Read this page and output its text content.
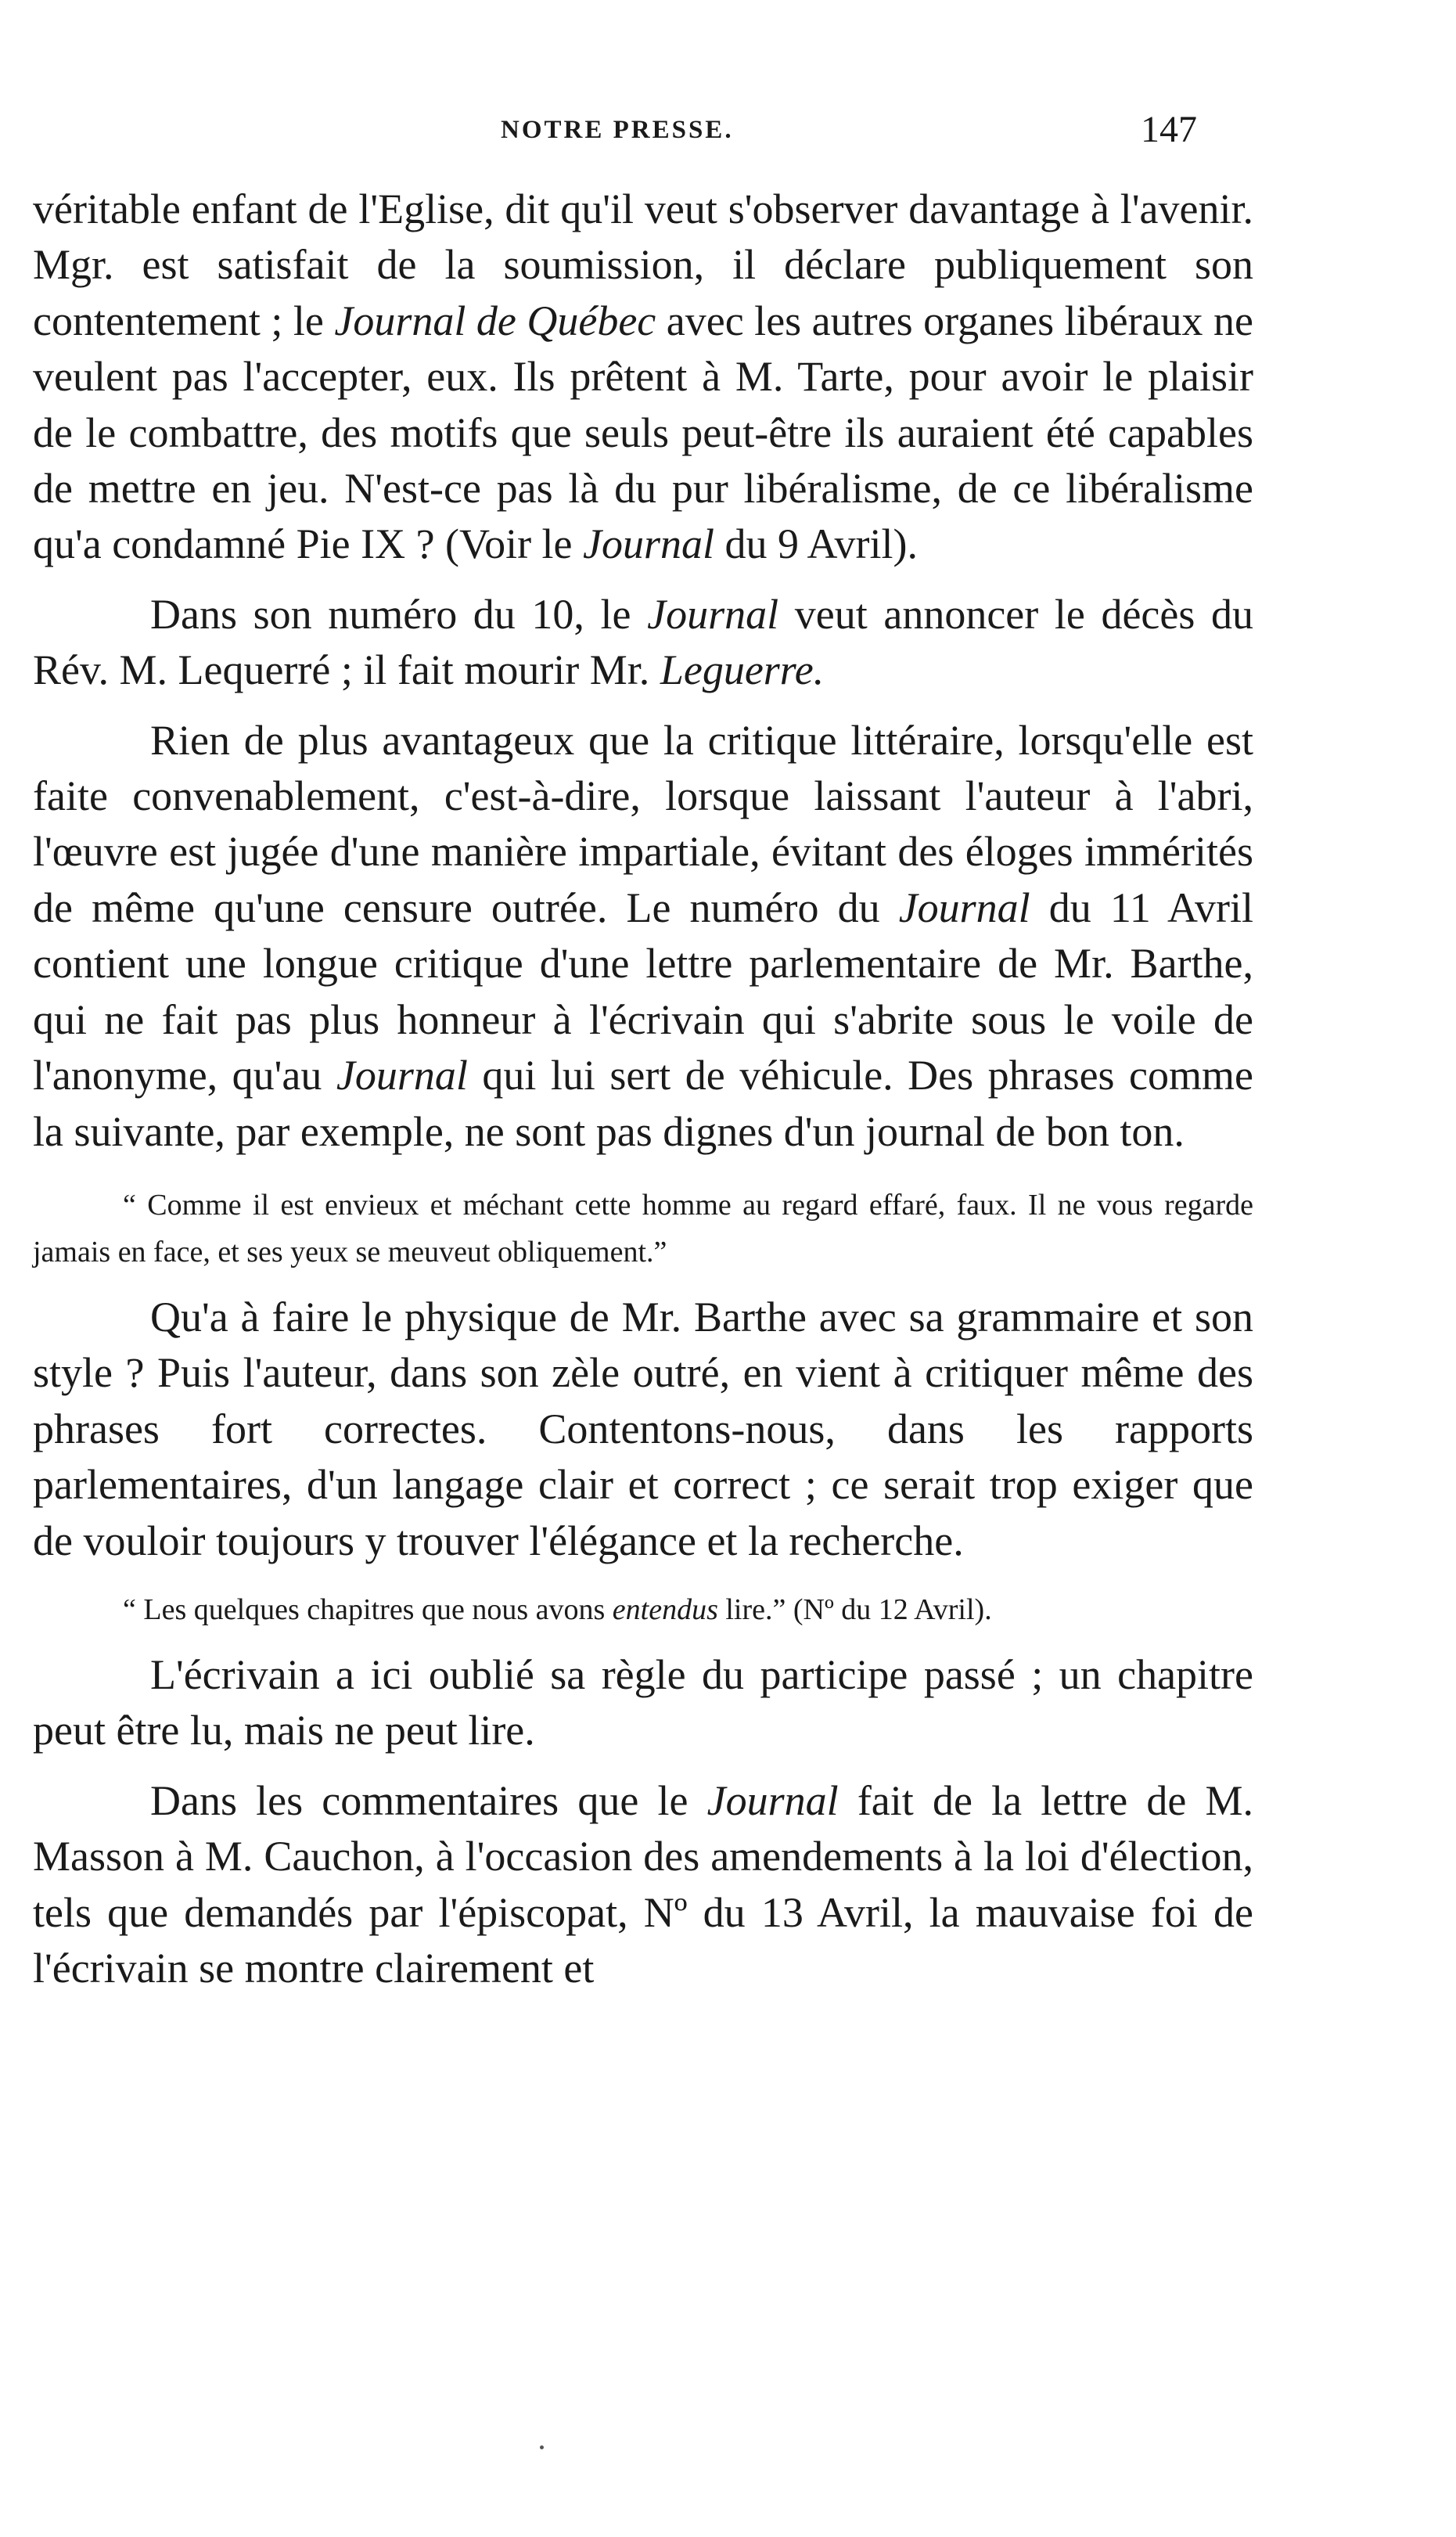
NOTRE PRESSE.	147

véritable enfant de l'Eglise, dit qu'il veut s'observer davantage à l'avenir. Mgr. est satisfait de la soumission, il déclare publiquement son contentement ; le Journal de Québec avec les autres organes libéraux ne veulent pas l'accepter, eux. Ils prêtent à M. Tarte, pour avoir le plaisir de le combattre, des motifs que seuls peut-être ils auraient été capables de mettre en jeu. N'est-ce pas là du pur libéralisme, de ce libéralisme qu'a condamné Pie IX ? (Voir le Journal du 9 Avril).

Dans son numéro du 10, le Journal veut annoncer le décès du Rév. M. Lequerré ; il fait mourir Mr. Leguerre.

Rien de plus avantageux que la critique littéraire, lorsqu'elle est faite convenablement, c'est-à-dire, lorsque laissant l'auteur à l'abri, l'œuvre est jugée d'une manière impartiale, évitant des éloges immérités de même qu'une censure outrée. Le numéro du Journal du 11 Avril contient une longue critique d'une lettre parlementaire de Mr. Barthe, qui ne fait pas plus honneur à l'écrivain qui s'abrite sous le voile de l'anonyme, qu'au Journal qui lui sert de véhicule. Des phrases comme la suivante, par exemple, ne sont pas dignes d'un journal de bon ton.

“ Comme il est envieux et méchant cette homme au regard effaré, faux. Il ne vous regarde jamais en face, et ses yeux se meuveut obliquement.”

Qu'a à faire le physique de Mr. Barthe avec sa grammaire et son style ? Puis l'auteur, dans son zèle outré, en vient à critiquer même des phrases fort correctes. Contentons-nous, dans les rapports parlementaires, d'un langage clair et correct ; ce serait trop exiger que de vouloir toujours y trouver l'élégance et la recherche.

“ Les quelques chapitres que nous avons entendus lire.” (Nº du 12 Avril).

L'écrivain a ici oublié sa règle du participe passé ; un chapitre peut être lu, mais ne peut lire.

Dans les commentaires que le Journal fait de la lettre de M. Masson à M. Cauchon, à l'occasion des amendements à la loi d'élection, tels que demandés par l'épiscopat, Nº du 13 Avril, la mauvaise foi de l'écrivain se montre clairement et
